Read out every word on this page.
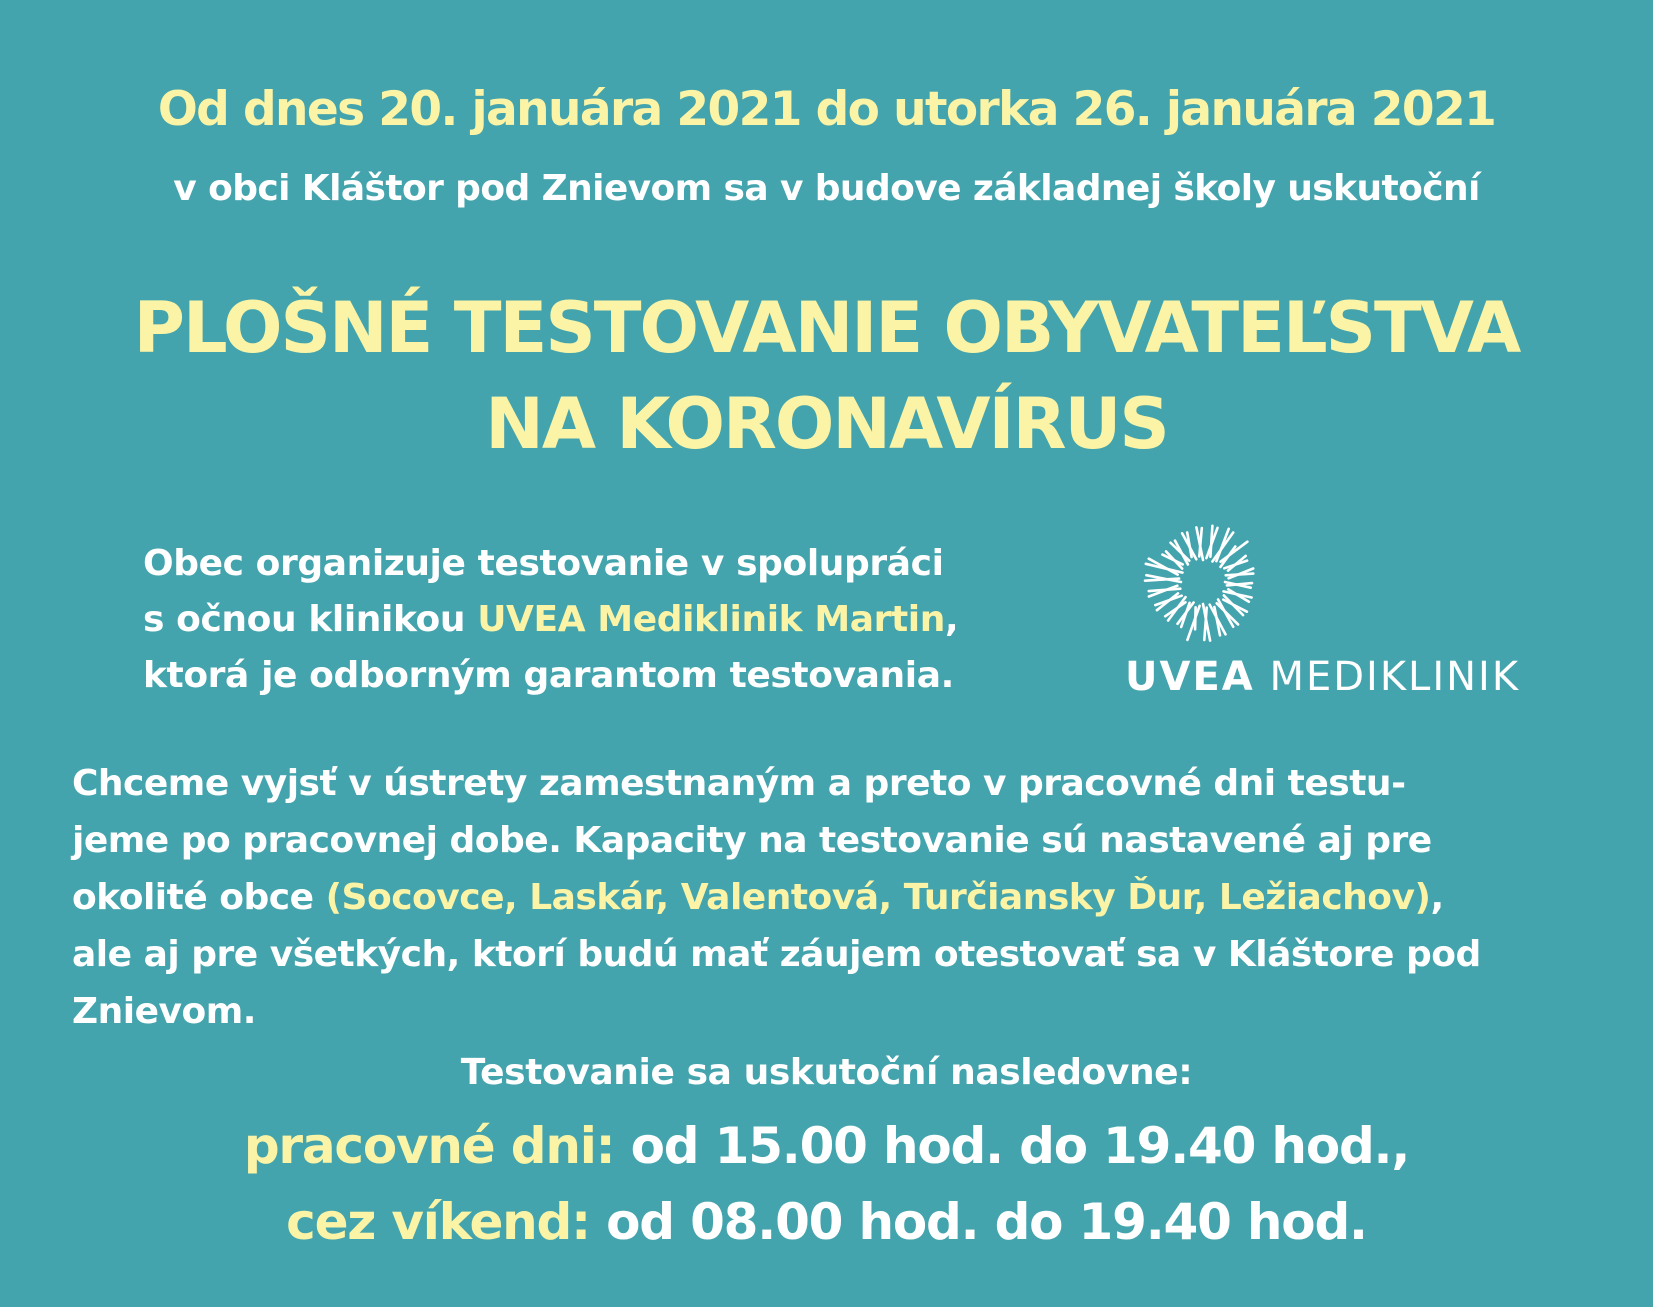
Od dnes 20. januára 2021 do utorka 26. januára 2021
v obci Kláštor pod Znievom sa v budove základnej školy uskutoční
PLOŠNÉ TESTOVANIE OBYVATEĽSTVA
NA KORONAVÍRUS
Obec organizuje testovanie v spolupráci
s očnou klinikou UVEA Mediklinik Martin,
ktorá je odborným garantom testovania.	UVEA MEDIKLINIK
Chceme vyjsť v ústrety zamestnaným a preto v pracovné dni testu-
jeme po pracovnej dobe. Kapacity na testovanie sú nastavené aj pre
okolité obce (Socovce, Laskár, Valentová, Turčiansky Ďur, Ležiachov),
ale aj pre všetkých, ktorí budú mať záujem otestovať sa v Kláštore pod
Znievom.
Testovanie sa uskutoční nasledovne:
pracovné dni: od 15.00 hod. do 19.40 hod.,
cez víkend: od 08.00 hod. do 19.40 hod.
